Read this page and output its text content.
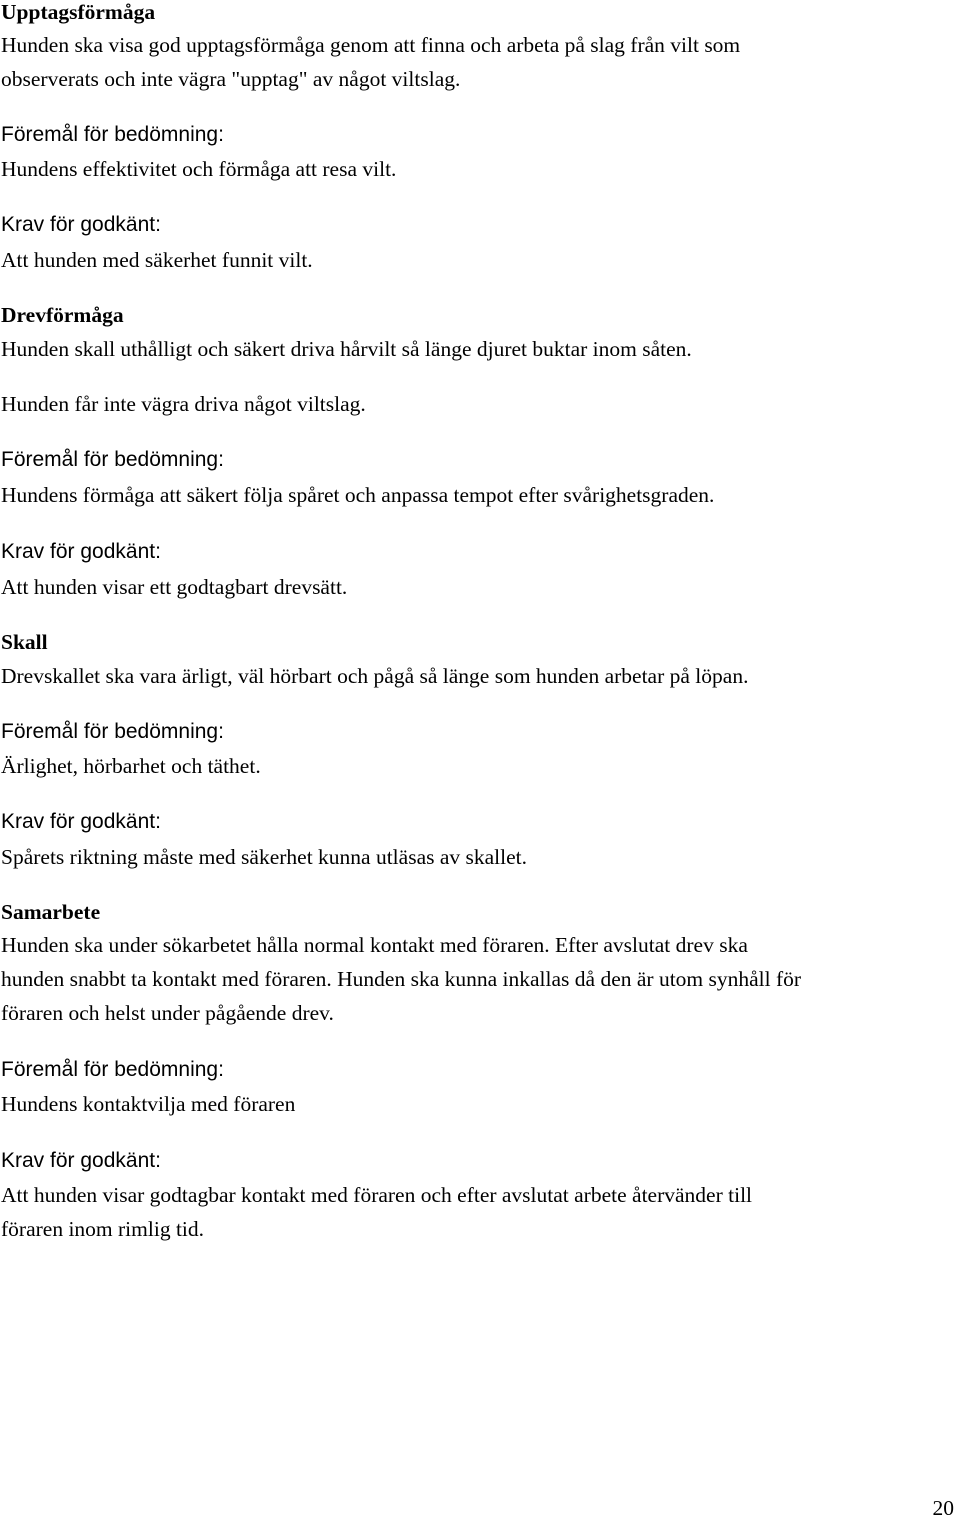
Upptagsförmåga

Hunden ska visa god upptagsförmåga genom att finna och arbeta på slag från vilt som

observerats och inte vägra "upptag" av något viltslag.

Föremål för bedömning:

Hundens effektivitet och förmåga att resa vilt.

Krav för godkänt:

Att hunden med säkerhet funnit vilt.

Drevförmåga

Hunden skall uthålligt och säkert driva hårvilt så länge djuret buktar inom såten.

Hunden får inte vägra driva något viltslag.

Föremål för bedömning:

Hundens förmåga att säkert följa spåret och anpassa tempot efter svårighetsgraden.

Krav för godkänt:

Att hunden visar ett godtagbart drevsätt.

Skall

Drevskallet ska vara ärligt, väl hörbart och pågå så länge som hunden arbetar på löpan.

Föremål för bedömning:

Ärlighet, hörbarhet och täthet.

Krav för godkänt:

Spårets riktning måste med säkerhet kunna utläsas av skallet.

Samarbete

Hunden ska under sökarbetet hålla normal kontakt med föraren. Efter avslutat drev ska

hunden snabbt ta kontakt med föraren. Hunden ska kunna inkallas då den är utom synhåll för

föraren och helst under pågående drev.

Föremål för bedömning:

Hundens kontaktvilja med föraren

Krav för godkänt:

Att hunden visar godtagbar kontakt med föraren och efter avslutat arbete återvänder till

föraren inom rimlig tid.

20
